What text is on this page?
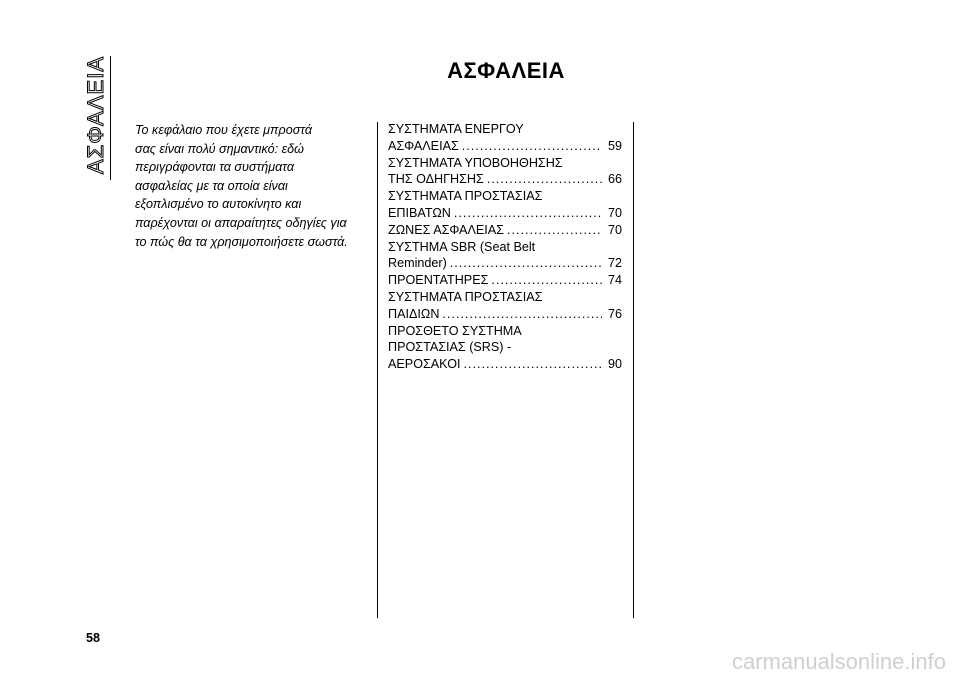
ΑΣΦΑΛΕΙΑ	ΑΣΦΑΛΕΙΑ
Το κεφάλαιο που έχετε μπροστά
σας είναι πολύ σημαντικό: εδώ
περιγράφονται τα συστήματα
ασφαλείας με τα οποία είναι
εξοπλισμένο το αυτοκίνητο και
παρέχονται οι απαραίτητες οδηγίες για
το πώς θα τα χρησιμοποιήσετε σωστά.
ΣΥΣΤΗΜΑΤΑ ΕΝΕΡΓΟΥ
ΑΣΦΑΛΕΙΑΣ .....	59
ΣΥΣΤΗΜΑΤΑ ΥΠΟΒΟΗΘΗΣΗΣ
ΤΗΣ ΟΔΗΓΗΣΗΣ .....	66
ΣΥΣΤΗΜΑΤΑ ΠΡΟΣΤΑΣΙΑΣ
ΕΠΙΒΑΤΩΝ .....	70
ΖΩΝΕΣ ΑΣΦΑΛΕΙΑΣ .....	70
ΣΥΣΤΗΜΑ SBR (Seat Belt
Reminder) .....	72
ΠΡΟΕΝΤΑΤΗΡΕΣ .....	74
ΣΥΣΤΗΜΑΤΑ ΠΡΟΣΤΑΣΙΑΣ
ΠΑΙΔΙΩΝ .....	76
ΠΡΟΣΘΕΤΟ ΣΥΣΤΗΜΑ
ΠΡΟΣΤΑΣΙΑΣ (SRS) -
ΑΕΡΟΣΑΚΟΙ .....	90
58
carmanualsonline.info
